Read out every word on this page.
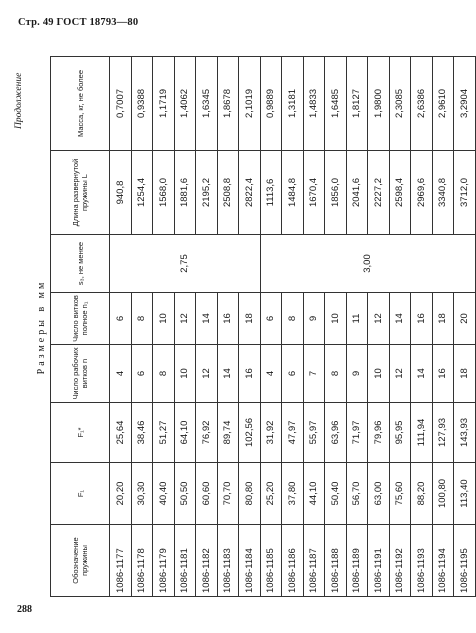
Стр. 49 ГОСТ 18793—80
Продолжение
Размеры в мм
Обозначение пружины	F₁	F₁*	Число рабочих витков n	Число витков полное n₁	s₃, не менее	Длина развернутой пружины L	Масса, кг, не более
1086-1177	20,20	25,64	4	6	2,75	940,8	0,7007
1086-1178	30,30	38,46	6	8		1254,4	0,9388
1086-1179	40,40	51,27	8	10		1568,0	1,1719
1086-1181	50,50	64,10	10	12		1881,6	1,4062
1086-1182	60,60	76,92	12	14		2195,2	1,6345
1086-1183	70,70	89,74	14	16		2508,8	1,8678
1086-1184	80,80	102,56	16	18		2822,4	2,1019
1086-1185	25,20	31,92	4	6	3,00	1113,6	0,9889
1086-1186	37,80	47,97	6	8		1484,8	1,3181
1086-1187	44,10	55,97	7	9		1670,4	1,4833
1086-1188	50,40	63,96	8	10		1856,0	1,6485
1086-1189	56,70	71,97	9	11		2041,6	1,8127
1086-1191	63,00	79,96	10	12		2227,2	1,9800
1086-1192	75,60	95,95	12	14		2598,4	2,3085
1086-1193	88,20	111,94	14	16		2969,6	2,6386
1086-1194	100,80	127,93	16	18		3340,8	2,9610
1086-1195	113,40	143,93	18	20		3712,0	3,2904
288
